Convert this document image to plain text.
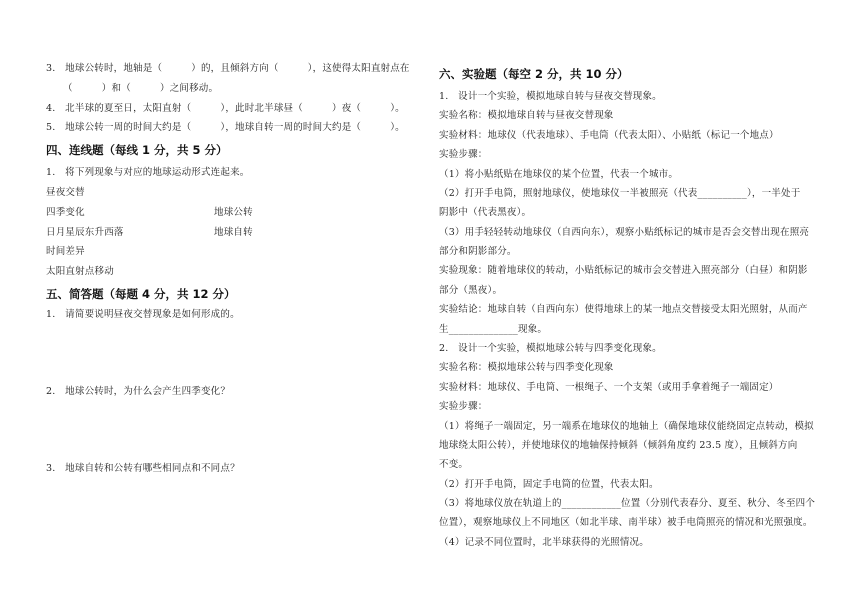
3.　地球公转时，地轴是（　　　）的，且倾斜方向（　　　），这使得太阳直射点在
（　　　）和（　　　）之间移动。
4.　北半球的夏至日，太阳直射（　　　），此时北半球昼（　　　）夜（　　　）。
5.　地球公转一周的时间大约是（　　　），地球自转一周的时间大约是（　　　）。
四、连线题（每线 1 分，共 5 分）
1.　将下列现象与对应的地球运动形式连起来。
昼夜交替
四季变化
日月星辰东升西落
时间差异
太阳直射点移动
地球公转
地球自转
五、简答题（每题 4 分，共 12 分）
1.　请简要说明昼夜交替现象是如何形成的。
2.　地球公转时，为什么会产生四季变化？
3.　地球自转和公转有哪些相同点和不同点？
六、实验题（每空 2 分，共 10 分）
1.　设计一个实验，模拟地球自转与昼夜交替现象。
实验名称：模拟地球自转与昼夜交替现象
实验材料：地球仪（代表地球）、手电筒（代表太阳）、小贴纸（标记一个地点）
实验步骤：
（1）将小贴纸贴在地球仪的某个位置，代表一个城市。
（2）打开手电筒，照射地球仪，使地球仪一半被照亮（代表__________），一半处于
阴影中（代表黑夜）。
（3）用手轻轻转动地球仪（自西向东），观察小贴纸标记的城市是否会交替出现在照亮
部分和阴影部分。
实验现象：随着地球仪的转动，小贴纸标记的城市会交替进入照亮部分（白昼）和阴影
部分（黑夜）。
实验结论：地球自转（自西向东）使得地球上的某一地点交替接受太阳光照射，从而产
生______________现象。
2.　设计一个实验，模拟地球公转与四季变化现象。
实验名称：模拟地球公转与四季变化现象
实验材料：地球仪、手电筒、一根绳子、一个支架（或用手拿着绳子一端固定）
实验步骤：
（1）将绳子一端固定，另一端系在地球仪的地轴上（确保地球仪能绕固定点转动，模拟
地球绕太阳公转），并使地球仪的地轴保持倾斜（倾斜角度约 23.5 度），且倾斜方向
不变。
（2）打开手电筒，固定手电筒的位置，代表太阳。
（3）将地球仪放在轨道上的____________位置（分别代表春分、夏至、秋分、冬至四个
位置），观察地球仪上不同地区（如北半球、南半球）被手电筒照亮的情况和光照强度。
（4）记录不同位置时，北半球获得的光照情况。
